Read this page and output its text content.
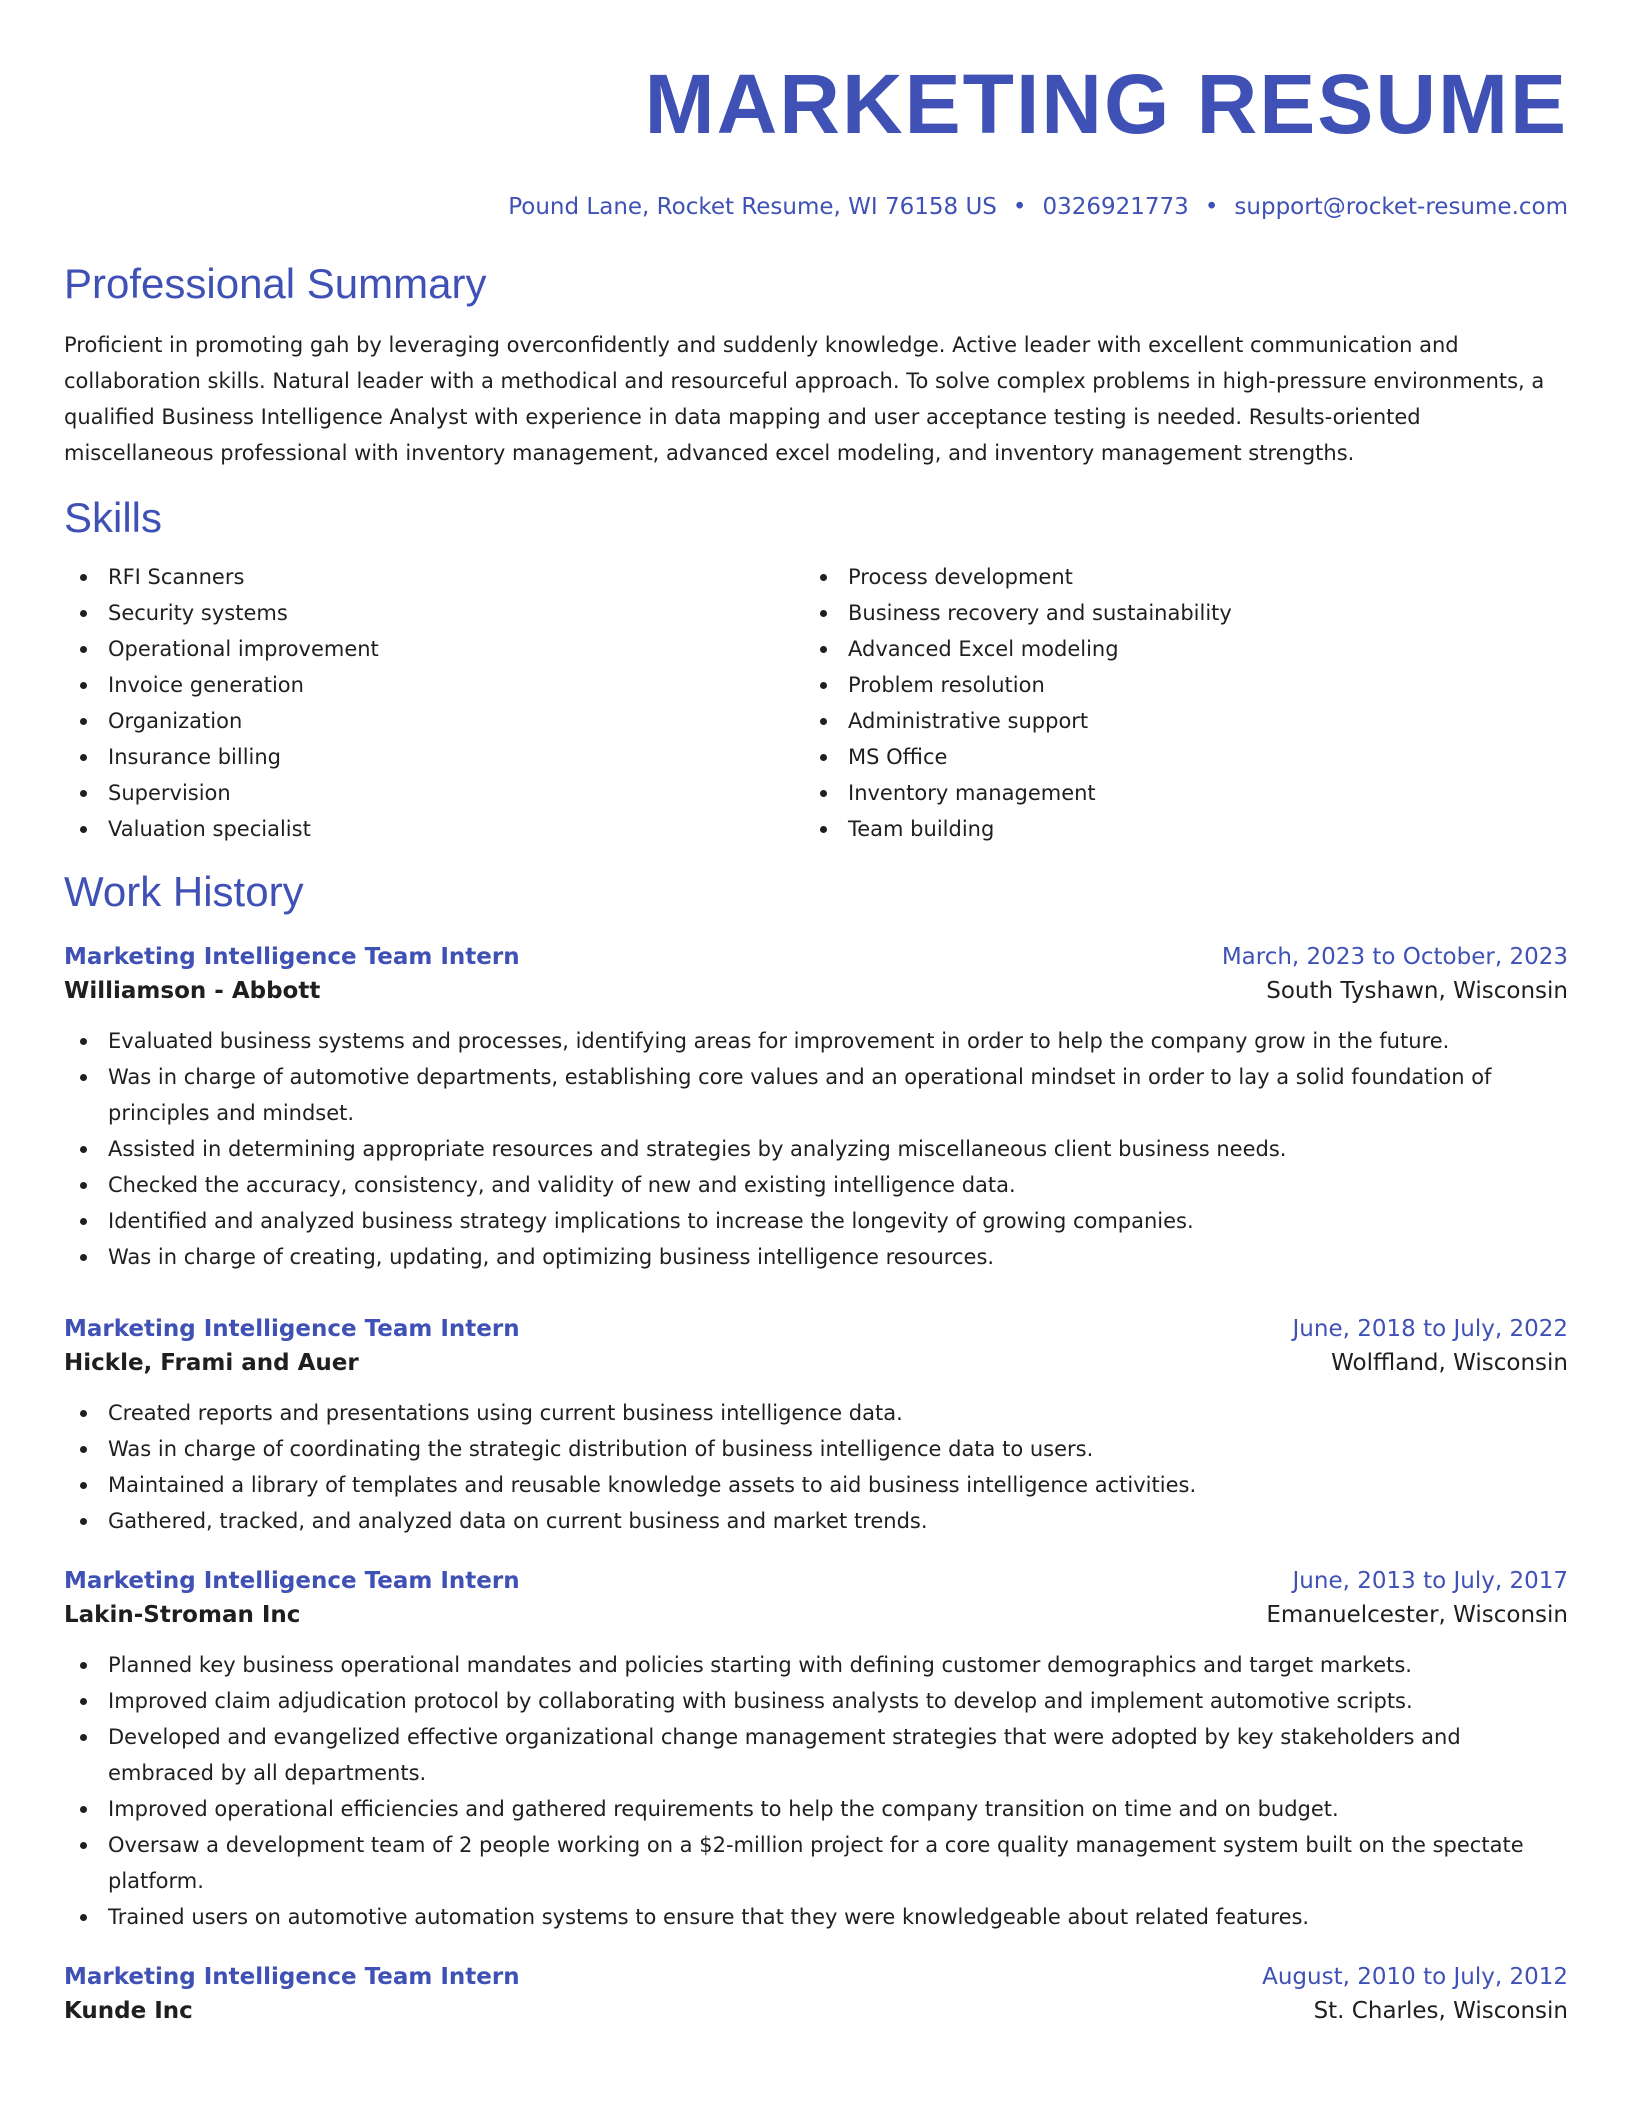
MARKETING RESUME
Pound Lane, Rocket Resume, WI 76158 US • 0326921773 • support@rocket-resume.com
Professional Summary

Proficient in promoting gah by leveraging overconfidently and suddenly knowledge. Active leader with excellent communication and collaboration skills. Natural leader with a methodical and resourceful approach. To solve complex problems in high-pressure environments, a qualified Business Intelligence Analyst with experience in data mapping and user acceptance testing is needed. Results-oriented miscellaneous professional with inventory management, advanced excel modeling, and inventory management strengths.

Skills
RFI Scanners
Security systems
Operational improvement
Invoice generation
Organization
Insurance billing
Supervision
Valuation specialist
Process development
Business recovery and sustainability
Advanced Excel modeling
Problem resolution
Administrative support
MS Office
Inventory management
Team building
Work History
Marketing Intelligence Team Intern	March, 2023 to October, 2023
Williamson - Abbott	South Tyshawn, Wisconsin
Evaluated business systems and processes, identifying areas for improvement in order to help the company grow in the future.
Was in charge of automotive departments, establishing core values and an operational mindset in order to lay a solid foundation of principles and mindset.
Assisted in determining appropriate resources and strategies by analyzing miscellaneous client business needs.
Checked the accuracy, consistency, and validity of new and existing intelligence data.
Identified and analyzed business strategy implications to increase the longevity of growing companies.
Was in charge of creating, updating, and optimizing business intelligence resources.
Marketing Intelligence Team Intern	June, 2018 to July, 2022
Hickle, Frami and Auer	Wolffland, Wisconsin
Created reports and presentations using current business intelligence data.
Was in charge of coordinating the strategic distribution of business intelligence data to users.
Maintained a library of templates and reusable knowledge assets to aid business intelligence activities.
Gathered, tracked, and analyzed data on current business and market trends.
Marketing Intelligence Team Intern	June, 2013 to July, 2017
Lakin-Stroman Inc	Emanuelcester, Wisconsin
Planned key business operational mandates and policies starting with defining customer demographics and target markets.
Improved claim adjudication protocol by collaborating with business analysts to develop and implement automotive scripts.
Developed and evangelized effective organizational change management strategies that were adopted by key stakeholders and embraced by all departments.
Improved operational efficiencies and gathered requirements to help the company transition on time and on budget.
Oversaw a development team of 2 people working on a $2-million project for a core quality management system built on the spectate platform.
Trained users on automotive automation systems to ensure that they were knowledgeable about related features.
Marketing Intelligence Team Intern	August, 2010 to July, 2012
Kunde Inc	St. Charles, Wisconsin
